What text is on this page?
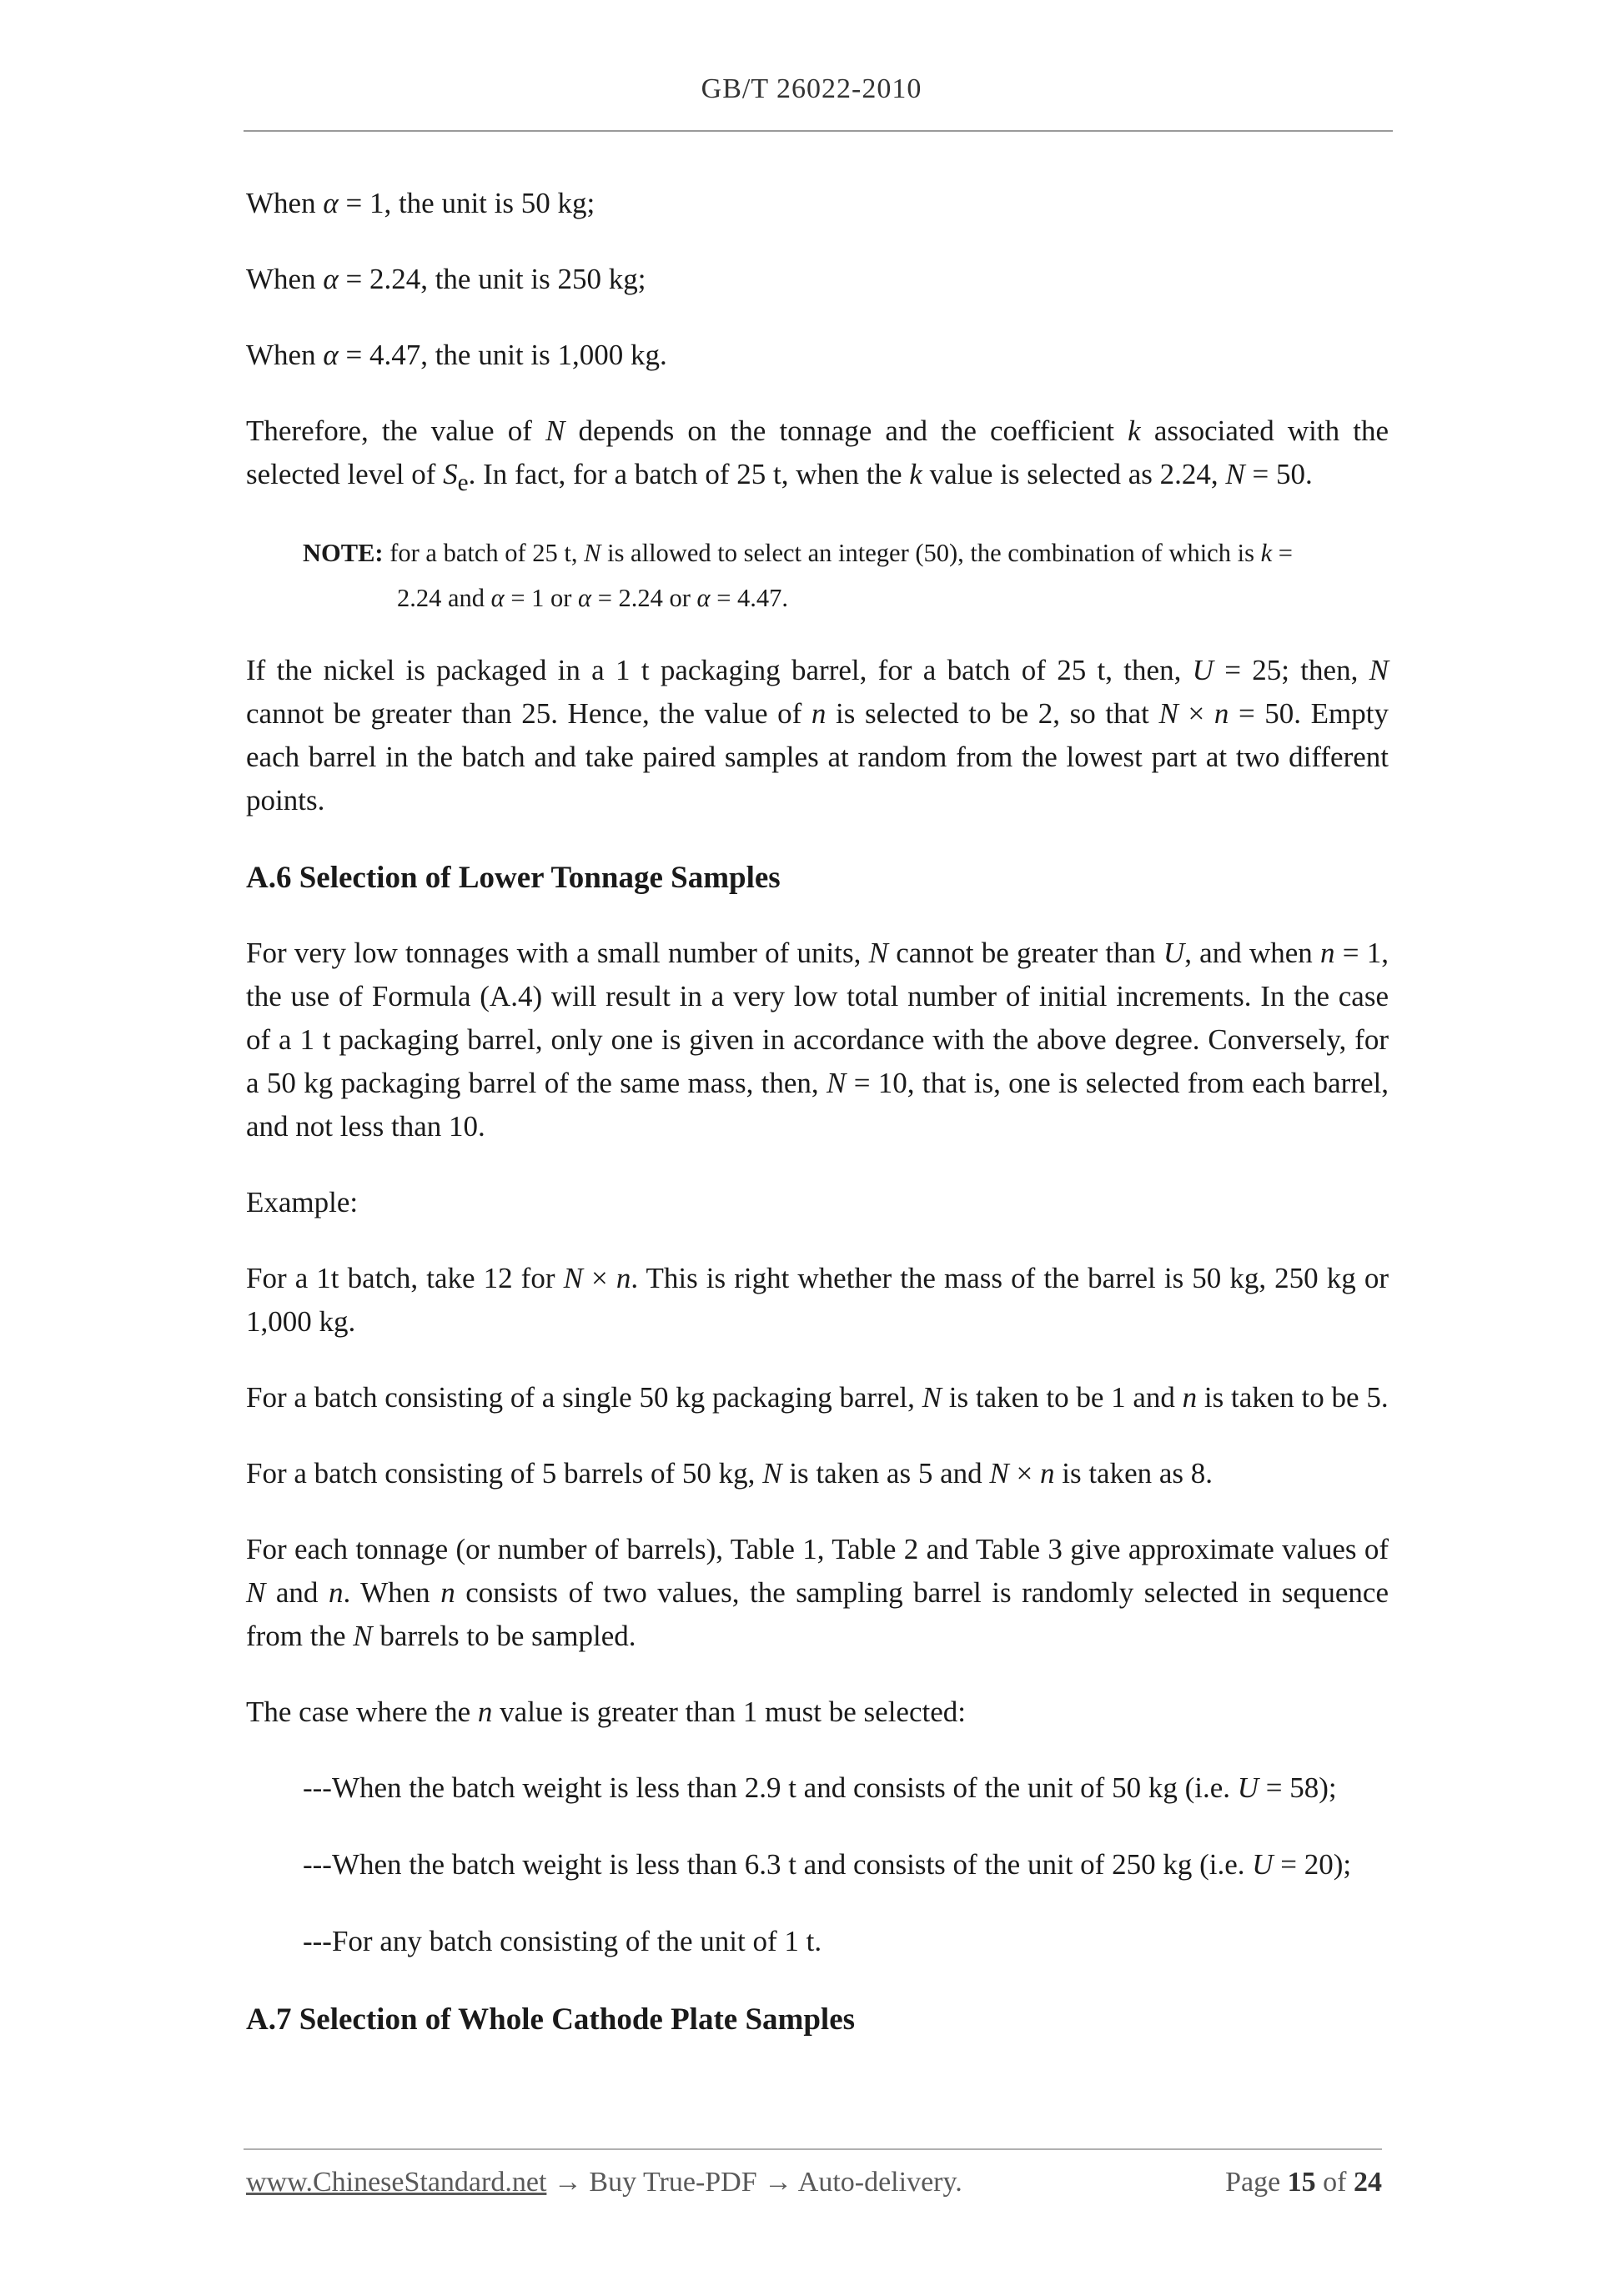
GB/T 26022-2010

When α = 1, the unit is 50 kg;

When α = 2.24, the unit is 250 kg;

When α = 4.47, the unit is 1,000 kg.

Therefore, the value of N depends on the tonnage and the coefficient k associated with the selected level of $S_e$. In fact, for a batch of 25 t, when the k value is selected as 2.24, N = 50.

NOTE: for a batch of 25 t, N is allowed to select an integer (50), the combination of which is k =
2.24 and α = 1 or α = 2.24 or α = 4.47.

If the nickel is packaged in a 1 t packaging barrel, for a batch of 25 t, then, U = 25; then, N cannot be greater than 25. Hence, the value of n is selected to be 2, so that N × n = 50. Empty each barrel in the batch and take paired samples at random from the lowest part at two different points.

A.6 Selection of Lower Tonnage Samples

For very low tonnages with a small number of units, N cannot be greater than U, and when n = 1, the use of Formula (A.4) will result in a very low total number of initial increments. In the case of a 1 t packaging barrel, only one is given in accordance with the above degree. Conversely, for a 50 kg packaging barrel of the same mass, then, N = 10, that is, one is selected from each barrel, and not less than 10.

Example:

For a 1t batch, take 12 for N × n. This is right whether the mass of the barrel is 50 kg, 250 kg or 1,000 kg.

For a batch consisting of a single 50 kg packaging barrel, N is taken to be 1 and n is taken to be 5.

For a batch consisting of 5 barrels of 50 kg, N is taken as 5 and N × n is taken as 8.

For each tonnage (or number of barrels), Table 1, Table 2 and Table 3 give approximate values of N and n. When n consists of two values, the sampling barrel is randomly selected in sequence from the N barrels to be sampled.

The case where the n value is greater than 1 must be selected:

---When the batch weight is less than 2.9 t and consists of the unit of 50 kg (i.e. U = 58);

---When the batch weight is less than 6.3 t and consists of the unit of 250 kg (i.e. U = 20);

---For any batch consisting of the unit of 1 t.

A.7 Selection of Whole Cathode Plate Samples
www.ChineseStandard.net → Buy True-PDF → Auto-delivery.	Page 15 of 24
